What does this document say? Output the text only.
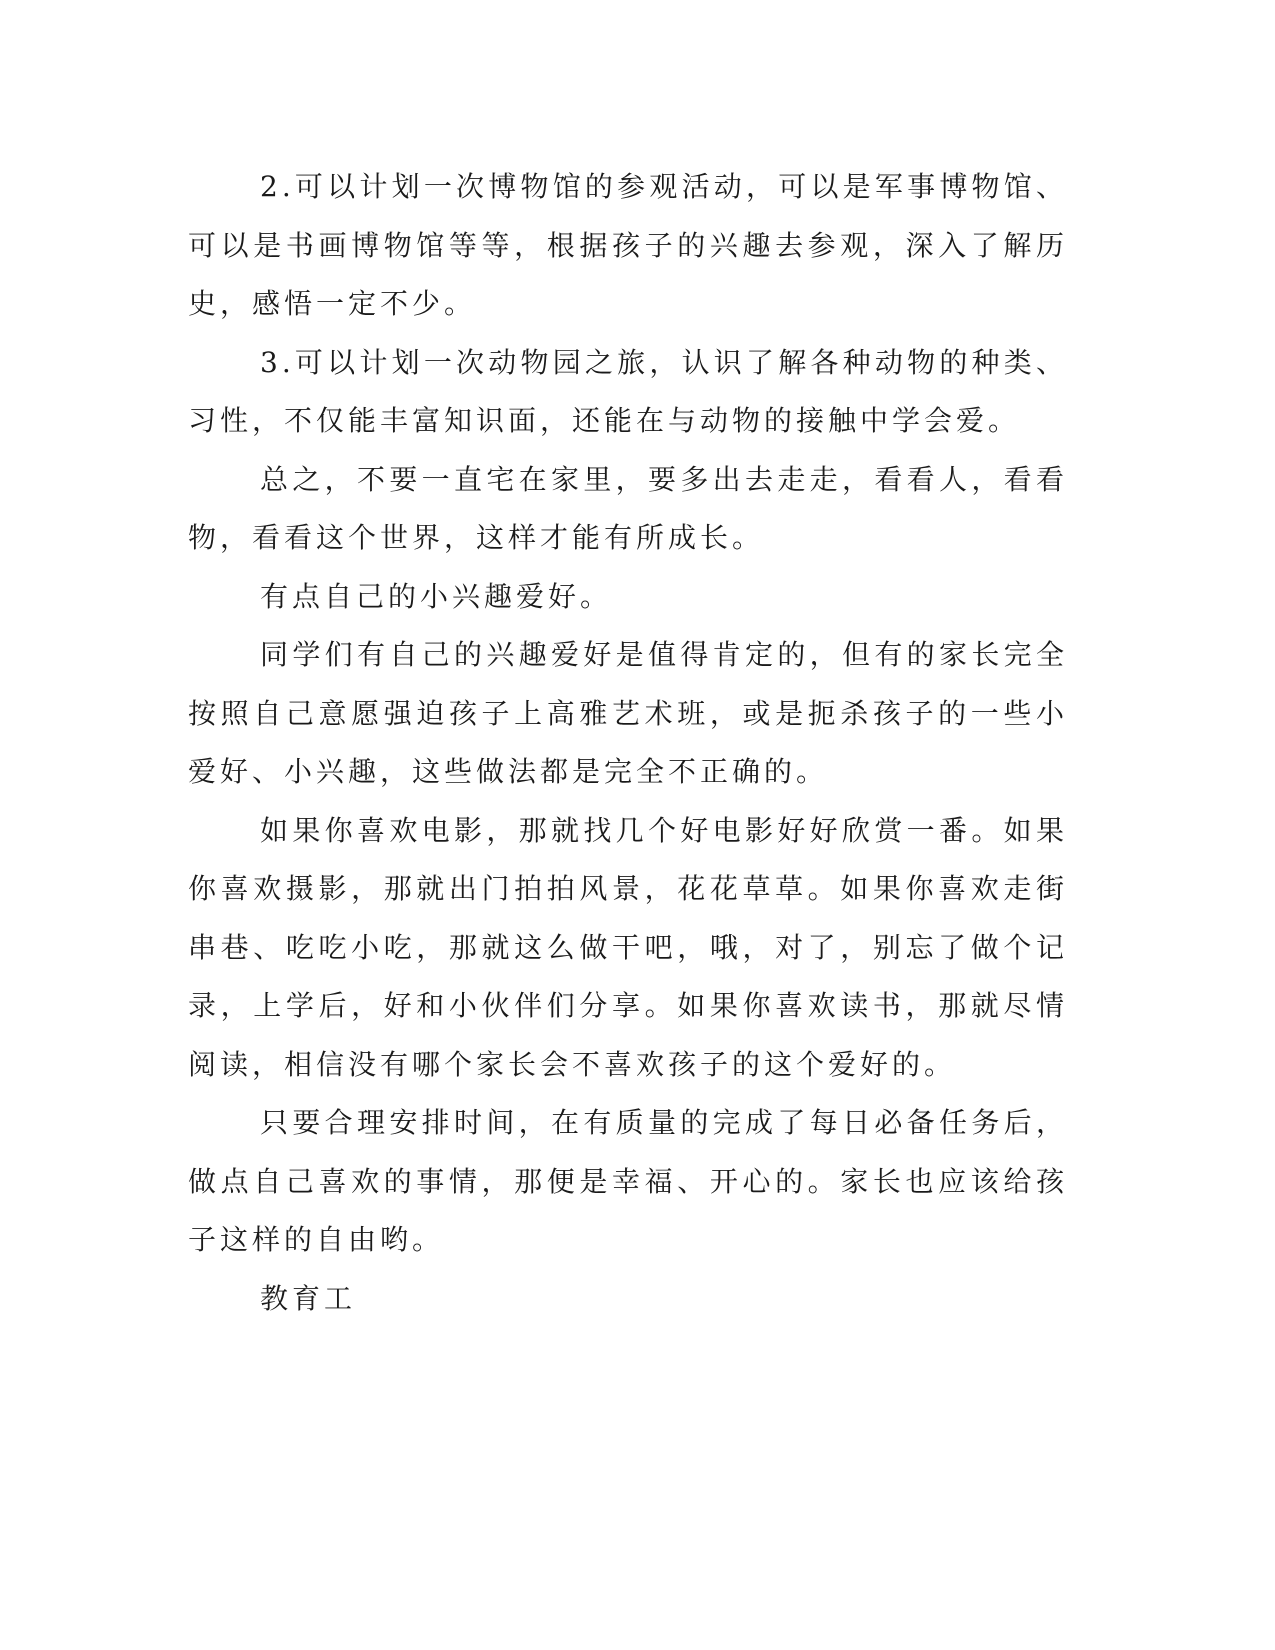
2.可以计划一次博物馆的参观活动，可以是军事博物馆、可以是书画博物馆等等，根据孩子的兴趣去参观，深入了解历史，感悟一定不少。

3.可以计划一次动物园之旅，认识了解各种动物的种类、习性，不仅能丰富知识面，还能在与动物的接触中学会爱。

总之，不要一直宅在家里，要多出去走走，看看人，看看物，看看这个世界，这样才能有所成长。

有点自己的小兴趣爱好。

同学们有自己的兴趣爱好是值得肯定的，但有的家长完全按照自己意愿强迫孩子上高雅艺术班，或是扼杀孩子的一些小爱好、小兴趣，这些做法都是完全不正确的。

如果你喜欢电影，那就找几个好电影好好欣赏一番。如果你喜欢摄影，那就出门拍拍风景，花花草草。如果你喜欢走街串巷、吃吃小吃，那就这么做干吧，哦，对了，别忘了做个记录，上学后，好和小伙伴们分享。如果你喜欢读书，那就尽情阅读，相信没有哪个家长会不喜欢孩子的这个爱好的。

只要合理安排时间，在有质量的完成了每日必备任务后，做点自己喜欢的事情，那便是幸福、开心的。家长也应该给孩子这样的自由哟。

教育工
